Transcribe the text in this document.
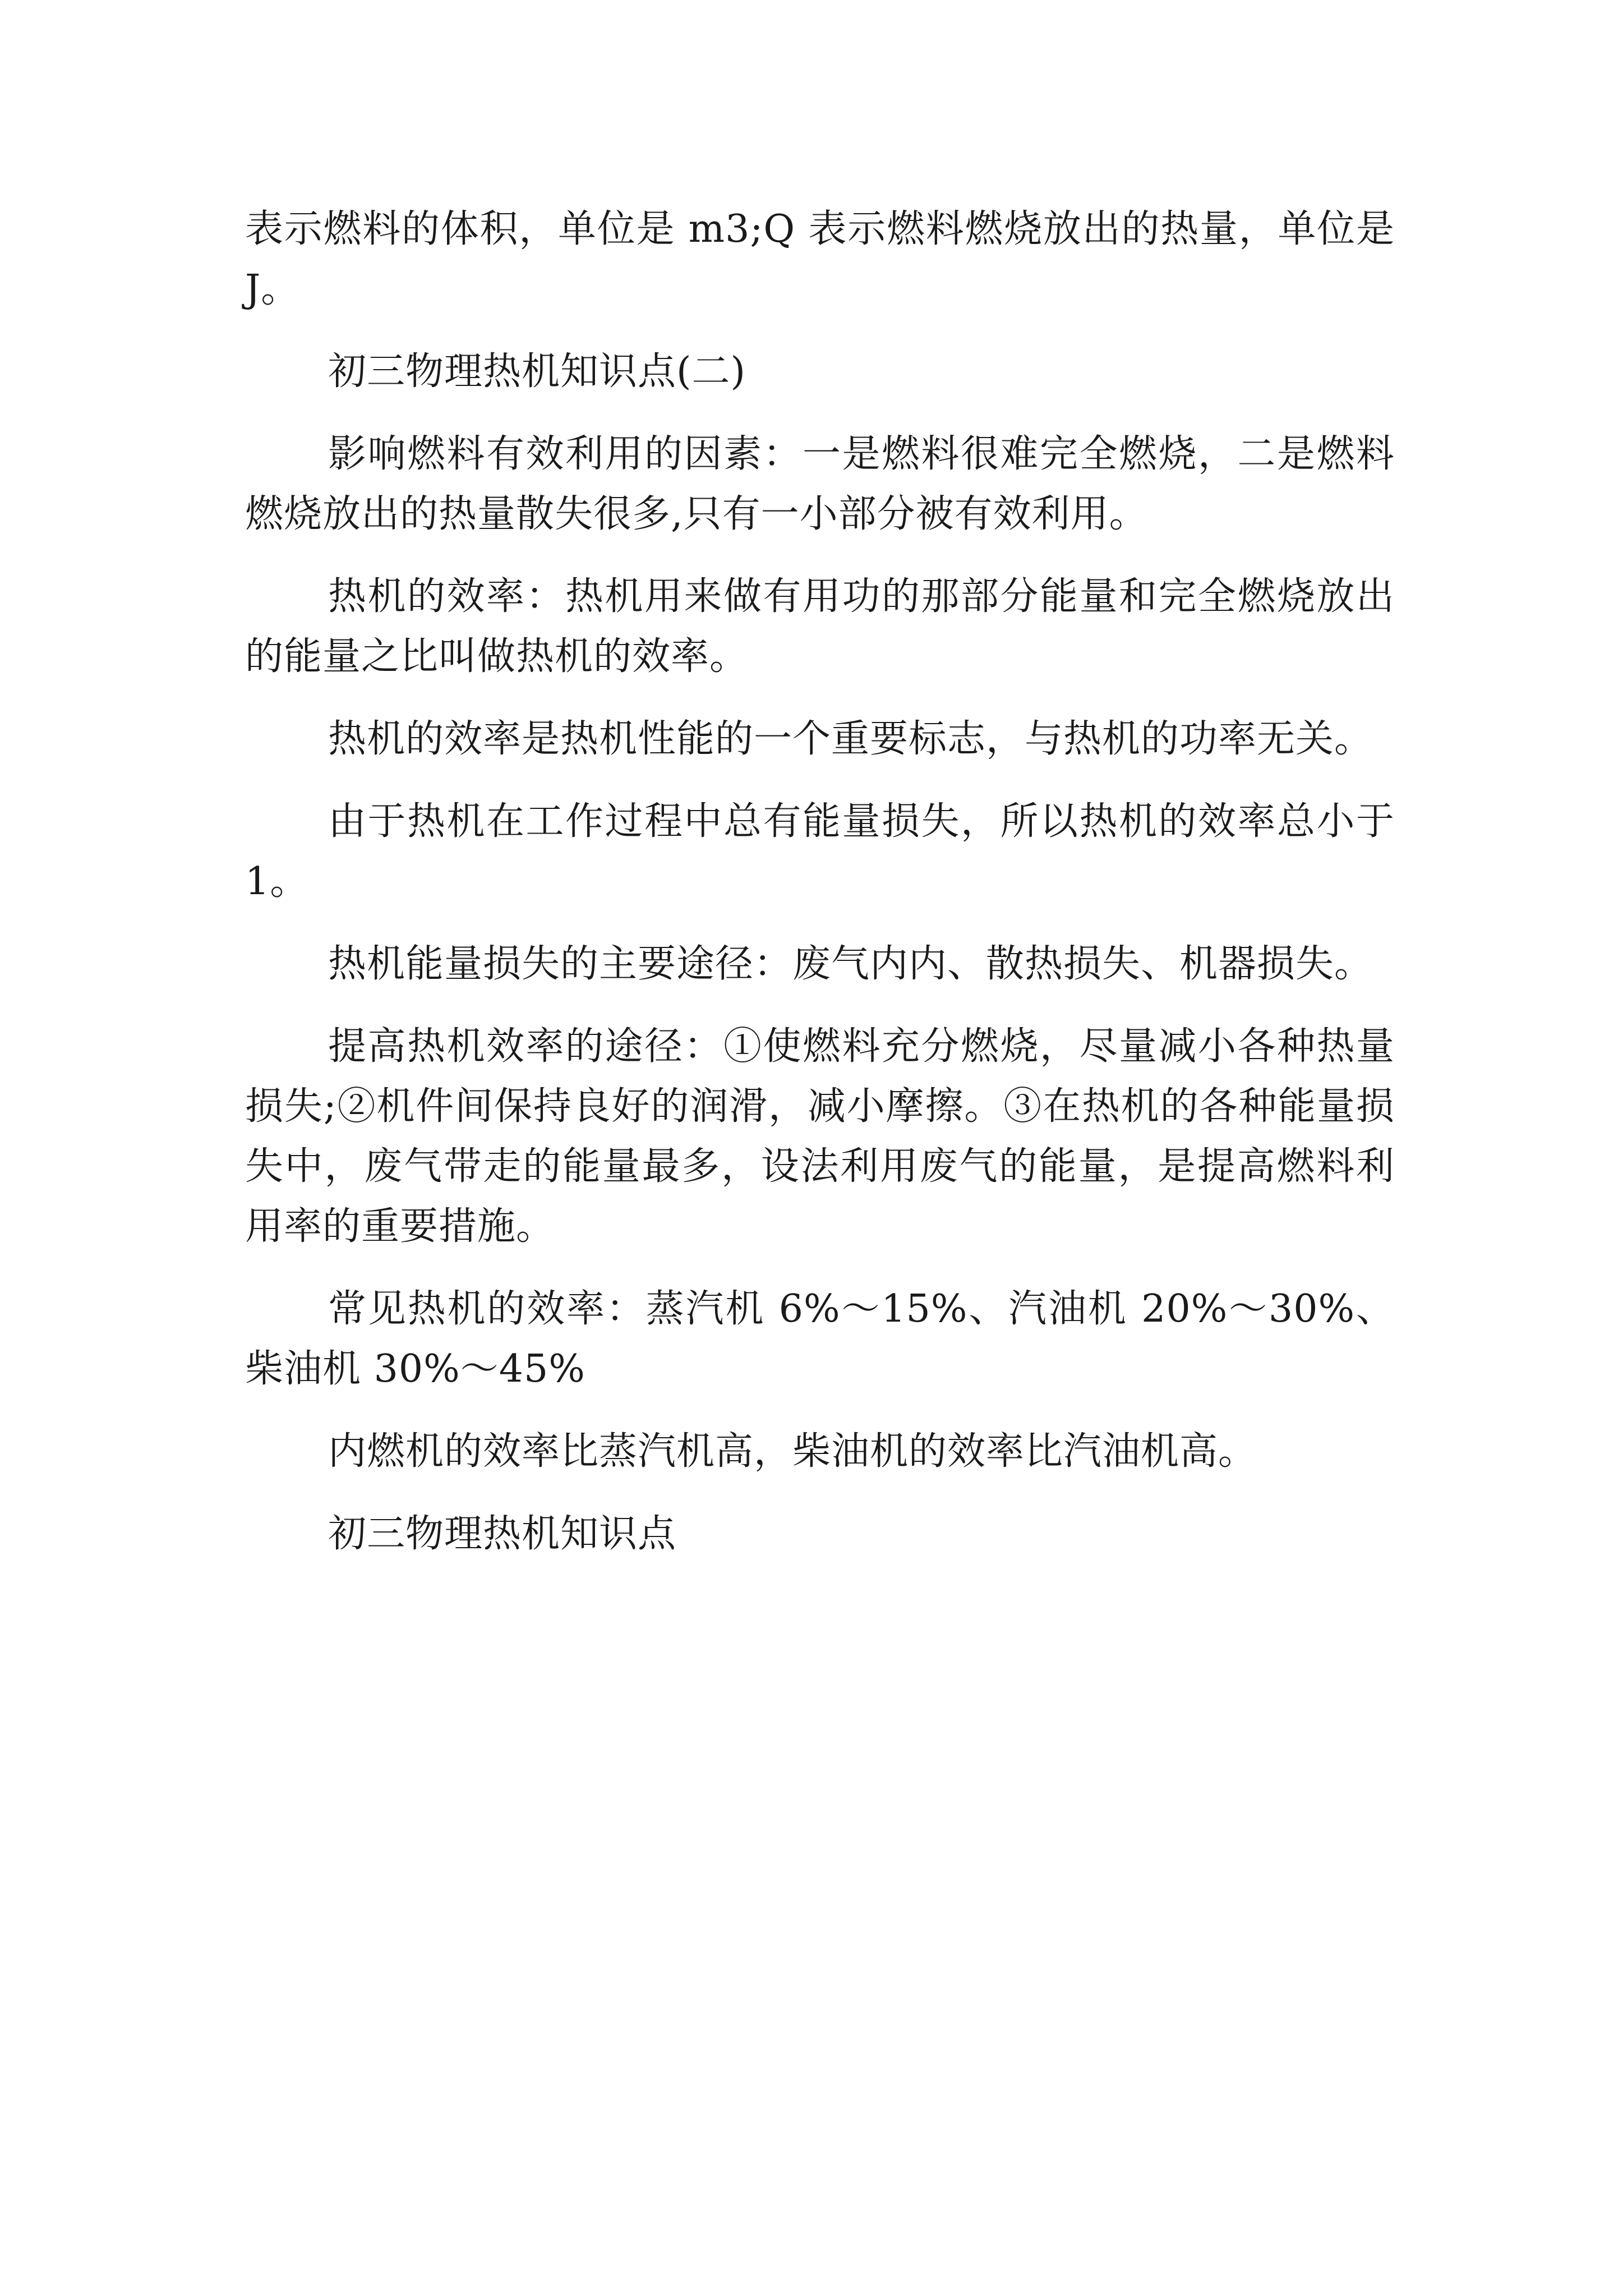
表示燃料的体积，单位是 m3;Q 表示燃料燃烧放出的热量，单位是 J。

初三物理热机知识点(二)

影响燃料有效利用的因素：一是燃料很难完全燃烧，二是燃料燃烧放出的热量散失很多,只有一小部分被有效利用。

热机的效率：热机用来做有用功的那部分能量和完全燃烧放出的能量之比叫做热机的效率。

热机的效率是热机性能的一个重要标志，与热机的功率无关。

由于热机在工作过程中总有能量损失，所以热机的效率总小于 1。

热机能量损失的主要途径：废气内内、散热损失、机器损失。

提高热机效率的途径：①使燃料充分燃烧，尽量减小各种热量损失;②机件间保持良好的润滑，减小摩擦。③在热机的各种能量损失中，废气带走的能量最多，设法利用废气的能量，是提高燃料利用率的重要措施。

常见热机的效率：蒸汽机 6%～15%、汽油机 20%～30%、柴油机 30%～45%

内燃机的效率比蒸汽机高，柴油机的效率比汽油机高。

初三物理热机知识点
